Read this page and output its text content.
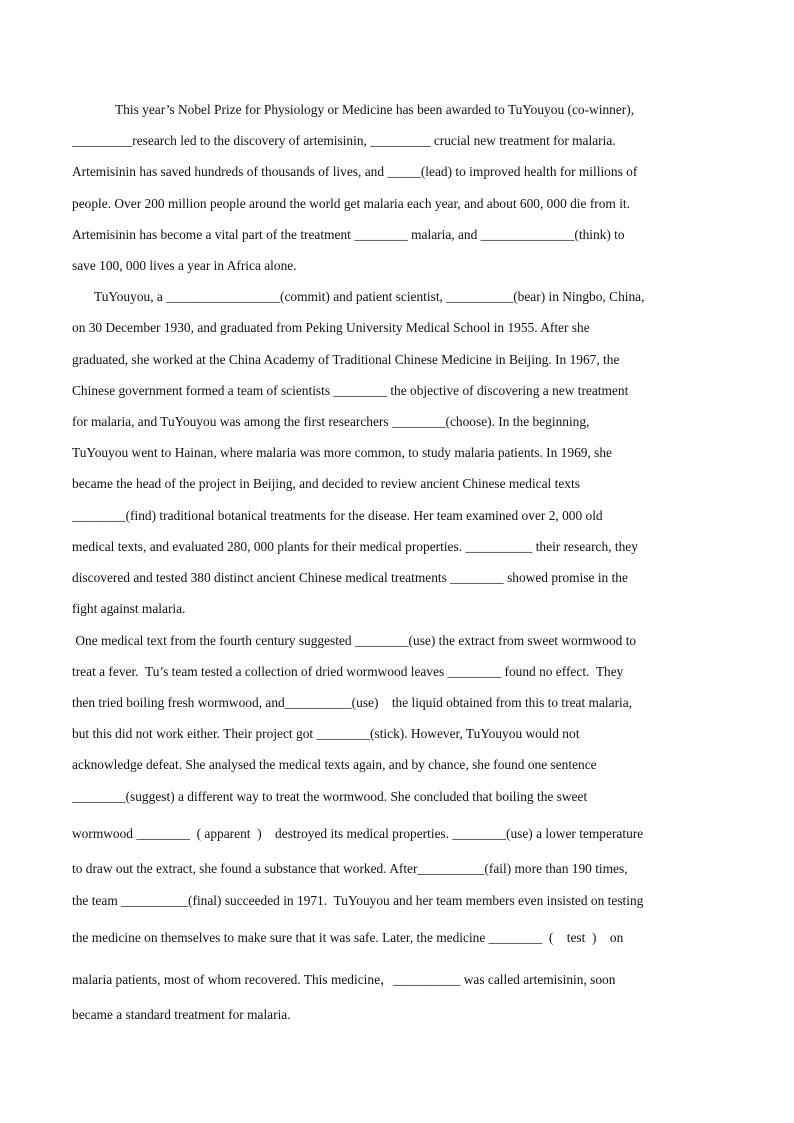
This year’s Nobel Prize for Physiology or Medicine has been awarded to TuYouyou (co-winner),

_________research led to the discovery of artemisinin, _________ crucial new treatment for malaria.

Artemisinin has saved hundreds of thousands of lives, and _____(lead) to improved health for millions of

people. Over 200 million people around the world get malaria each year, and about 600, 000 die from it.

Artemisinin has become a vital part of the treatment ________ malaria, and ______________(think) to

save 100, 000 lives a year in Africa alone.

TuYouyou, a _________________(commit) and patient scientist, __________(bear) in Ningbo, China,

on 30 December 1930, and graduated from Peking University Medical School in 1955. After she

graduated, she worked at the China Academy of Traditional Chinese Medicine in Beijing. In 1967, the

Chinese government formed a team of scientists ________ the objective of discovering a new treatment

for malaria, and TuYouyou was among the first researchers ________(choose). In the beginning,

TuYouyou went to Hainan, where malaria was more common, to study malaria patients. In 1969, she

became the head of the project in Beijing, and decided to review ancient Chinese medical texts

________(find) traditional botanical treatments for the disease. Her team examined over 2, 000 old

medical texts, and evaluated 280, 000 plants for their medical properties. __________ their research, they

discovered and tested 380 distinct ancient Chinese medical treatments ________ showed promise in the

fight against malaria.

One medical text from the fourth century suggested ________(use) the extract from sweet wormwood to

treat a fever.  Tu’s team tested a collection of dried wormwood leaves ________ found no effect.  They

then tried boiling fresh wormwood, and__________(use)    the liquid obtained from this to treat malaria,

but this did not work either. Their project got ________(stick). However, TuYouyou would not

acknowledge defeat. She analysed the medical texts again, and by chance, she found one sentence

________(suggest) a different way to treat the wormwood. She concluded that boiling the sweet

wormwood ________  ( apparent  )    destroyed its medical properties. ________(use) a lower temperature

to draw out the extract, she found a substance that worked. After__________(fail) more than 190 times,

the team __________(final) succeeded in 1971.  TuYouyou and her team members even insisted on testing

the medicine on themselves to make sure that it was safe. Later, the medicine ________  (    test  )    on

malaria patients, most of whom recovered. This medicine，__________ was called artemisinin, soon

became a standard treatment for malaria.
